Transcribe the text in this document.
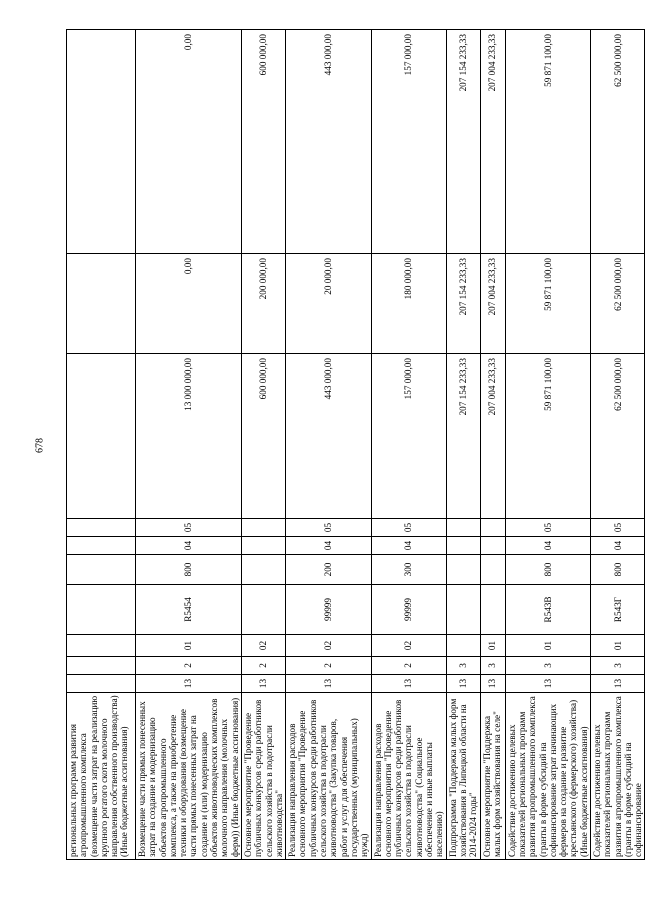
678
региональных программ развития агропромышленного комплекса (возмещение части затрат на реализацию крупного рогатого скота молочного направления собственного производства) (Иные бюджетные ассигнования)										
Возмещение части прямых понесенных затрат на создание и модернизацию объектов агропромышленного комплекса, а также на приобретение техники и оборудования (возмещение части прямых понесенных затрат на создание и (или) модернизацию объектов животноводческих комплексов молочного направления (молочных ферм)) (Иные бюджетные ассигнования)	13	2	01	R5454	800	04	05	13 000 000,00	0,00	0,00
Основное мероприятие "Проведение публичных конкурсов среди работников сельского хозяйства в подотрасли животноводства"	13	2	02					600 000,00	200 000,00	600 000,00
Реализация направления расходов основного мероприятия "Проведение публичных конкурсов среди работников сельского хозяйства в подотрасли животноводства" (Закупка товаров, работ и услуг для обеспечения государственных (муниципальных) нужд)	13	2	02	99999	200	04	05	443 000,00	20 000,00	443 000,00
Реализация направления расходов основного мероприятия "Проведение публичных конкурсов среди работников сельского хозяйства в подотрасли животноводства" (Социальное обеспечение и иные выплаты населению)	13	2	02	99999	300	04	05	157 000,00	180 000,00	157 000,00
Подпрограмма "Поддержка малых форм хозяйствования в Липецкой области на 2014-2024 годы"	13	3						207 154 233,33	207 154 233,33	207 154 233,33
Основное мероприятие "Поддержка малых форм хозяйствования на селе"	13	3	01					207 004 233,33	207 004 233,33	207 004 233,33
Содействие достижению целевых показателей региональных программ развития агропромышленного комплекса (гранты в форме субсидий на софинансирование затрат начинающих фермеров на создание и развитие крестьянского (фермерского) хозяйства) (Иные бюджетные ассигнования)	13	3	01	R543B	800	04	05	59 871 100,00	59 871 100,00	59 871 100,00
Содействие достижению целевых показателей региональных программ развития агропромышленного комплекса (гранты в форме субсидий на софинансирование	13	3	01	R543Г	800	04	05	62 500 000,00	62 500 000,00	62 500 000,00
